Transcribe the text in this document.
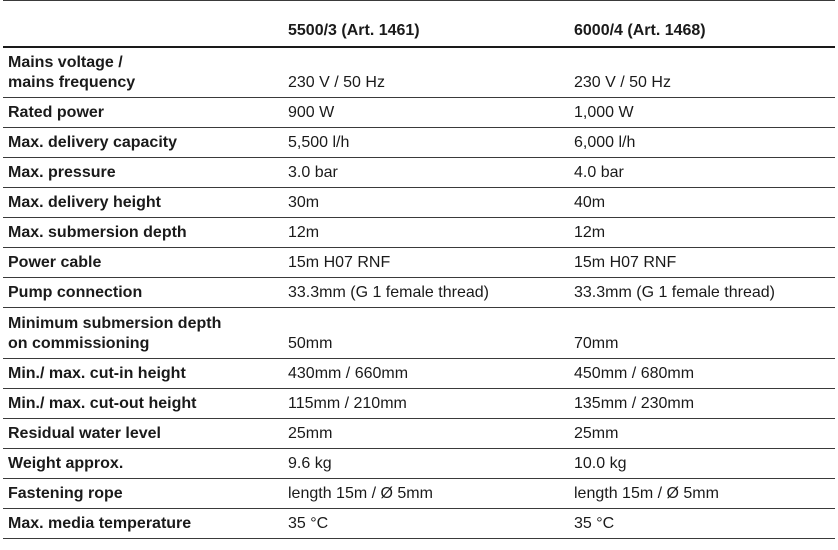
	5500/3 (Art. 1461)	6000/4 (Art. 1468)

Mains voltage /
mains frequency	230 V / 50 Hz	230 V / 50 Hz

Rated power	900 W	1,000 W

Max. delivery capacity	5,500 l/h	6,000 l/h

Max. pressure	3.0 bar	4.0 bar

Max. delivery height	30m	40m

Max. submersion depth	12m	12m

Power cable	15m H07 RNF	15m H07 RNF

Pump connection	33.3mm (G 1 female thread)	33.3mm (G 1 female thread)

Minimum submersion depth
on commissioning	50mm	70mm

Min./ max. cut-in height	430mm / 660mm	450mm / 680mm

Min./ max. cut-out height	115mm / 210mm	135mm / 230mm

Residual water level	25mm	25mm

Weight approx.	9.6 kg	10.0 kg

Fastening rope	length 15m / Ø 5mm	length 15m / Ø 5mm

Max. media temperature	35 °C	35 °C
